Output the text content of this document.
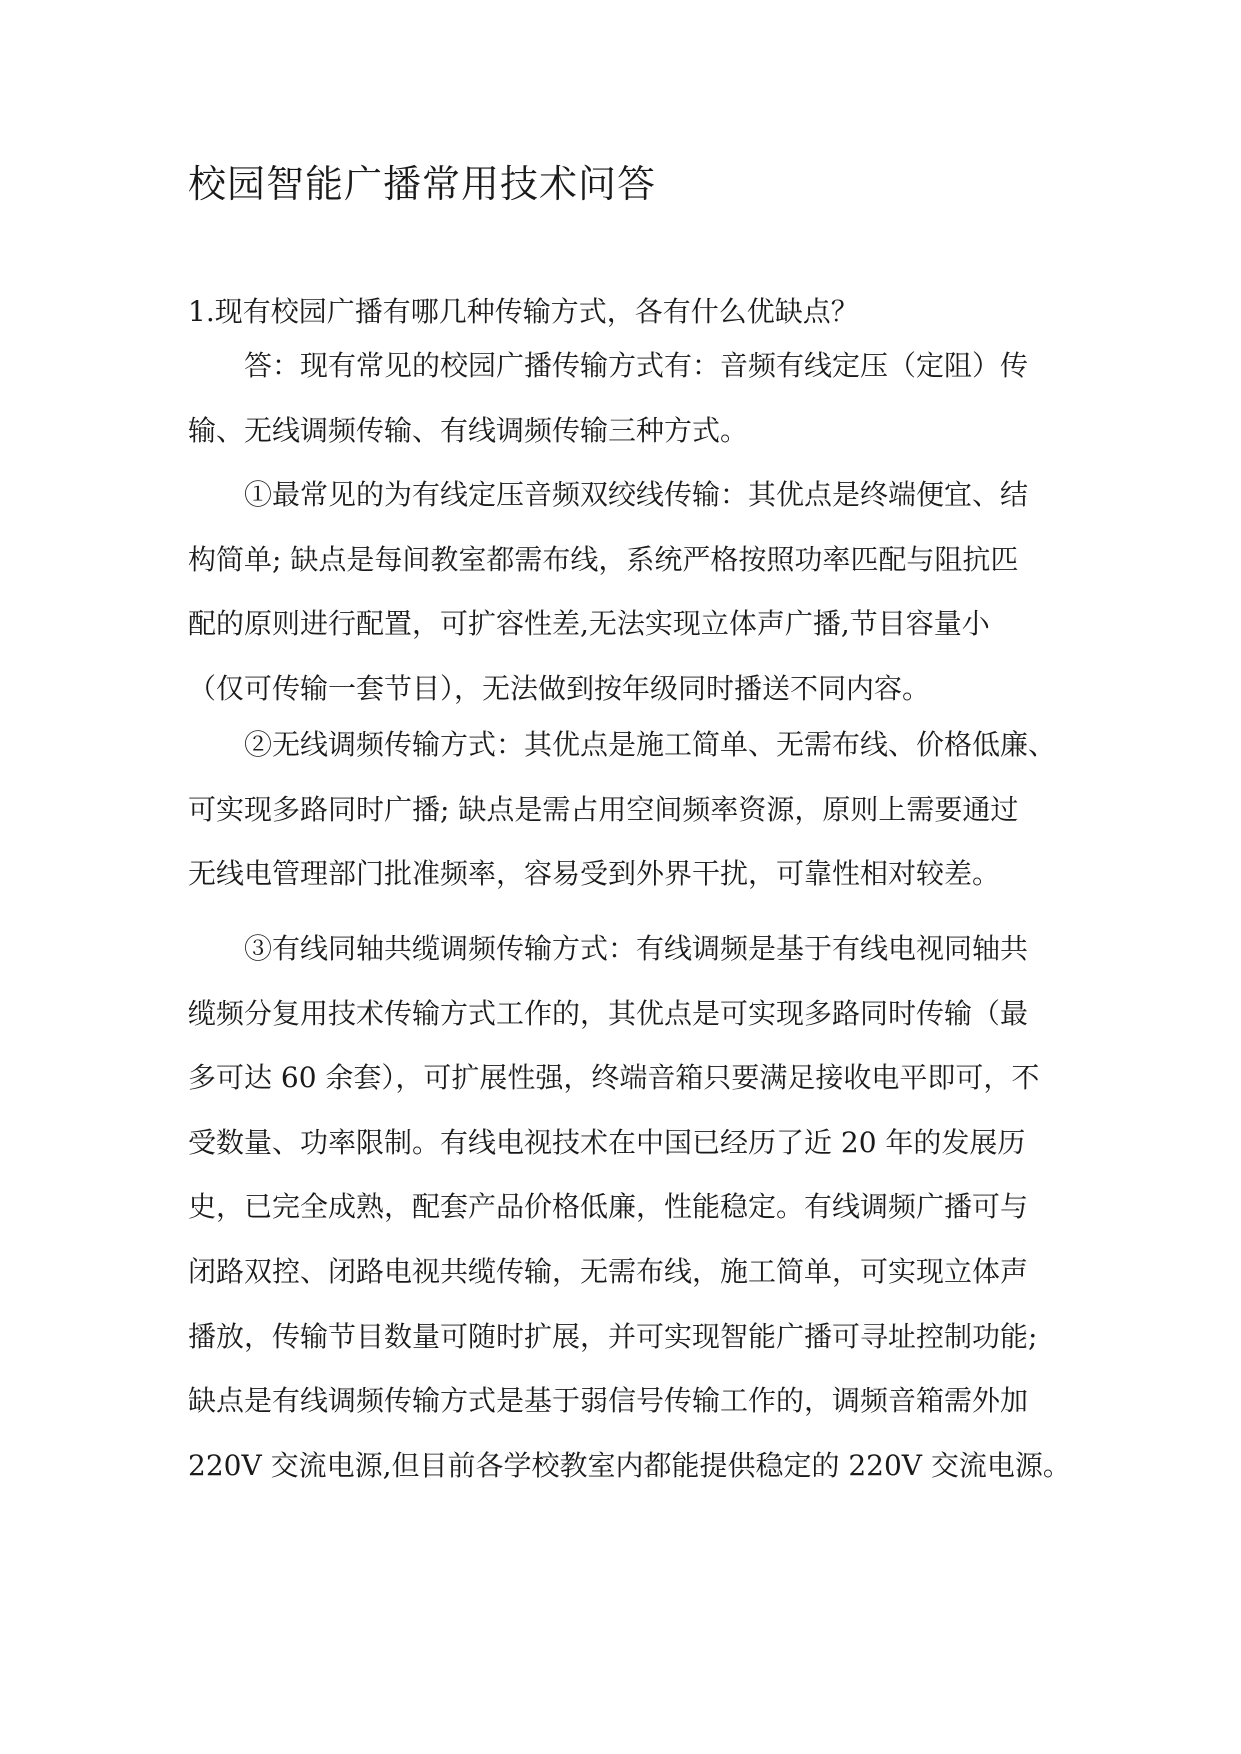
校园智能广播常用技术问答
1.现有校园广播有哪几种传输方式，各有什么优缺点？
答：现有常见的校园广播传输方式有：音频有线定压（定阻）传
输、无线调频传输、有线调频传输三种方式。
①最常见的为有线定压音频双绞线传输：其优点是终端便宜、结
构简单; 缺点是每间教室都需布线，系统严格按照功率匹配与阻抗匹
配的原则进行配置，可扩容性差,无法实现立体声广播,节目容量小
（仅可传输一套节目），无法做到按年级同时播送不同内容。
②无线调频传输方式：其优点是施工简单、无需布线、价格低廉、
可实现多路同时广播; 缺点是需占用空间频率资源，原则上需要通过
无线电管理部门批准频率，容易受到外界干扰，可靠性相对较差。
③有线同轴共缆调频传输方式：有线调频是基于有线电视同轴共
缆频分复用技术传输方式工作的，其优点是可实现多路同时传输（最
多可达 60 余套），可扩展性强，终端音箱只要满足接收电平即可，不
受数量、功率限制。有线电视技术在中国已经历了近 20 年的发展历
史，已完全成熟，配套产品价格低廉，性能稳定。有线调频广播可与
闭路双控、闭路电视共缆传输，无需布线，施工简单，可实现立体声
播放，传输节目数量可随时扩展，并可实现智能广播可寻址控制功能;
缺点是有线调频传输方式是基于弱信号传输工作的，调频音箱需外加
220V 交流电源,但目前各学校教室内都能提供稳定的 220V 交流电源。
